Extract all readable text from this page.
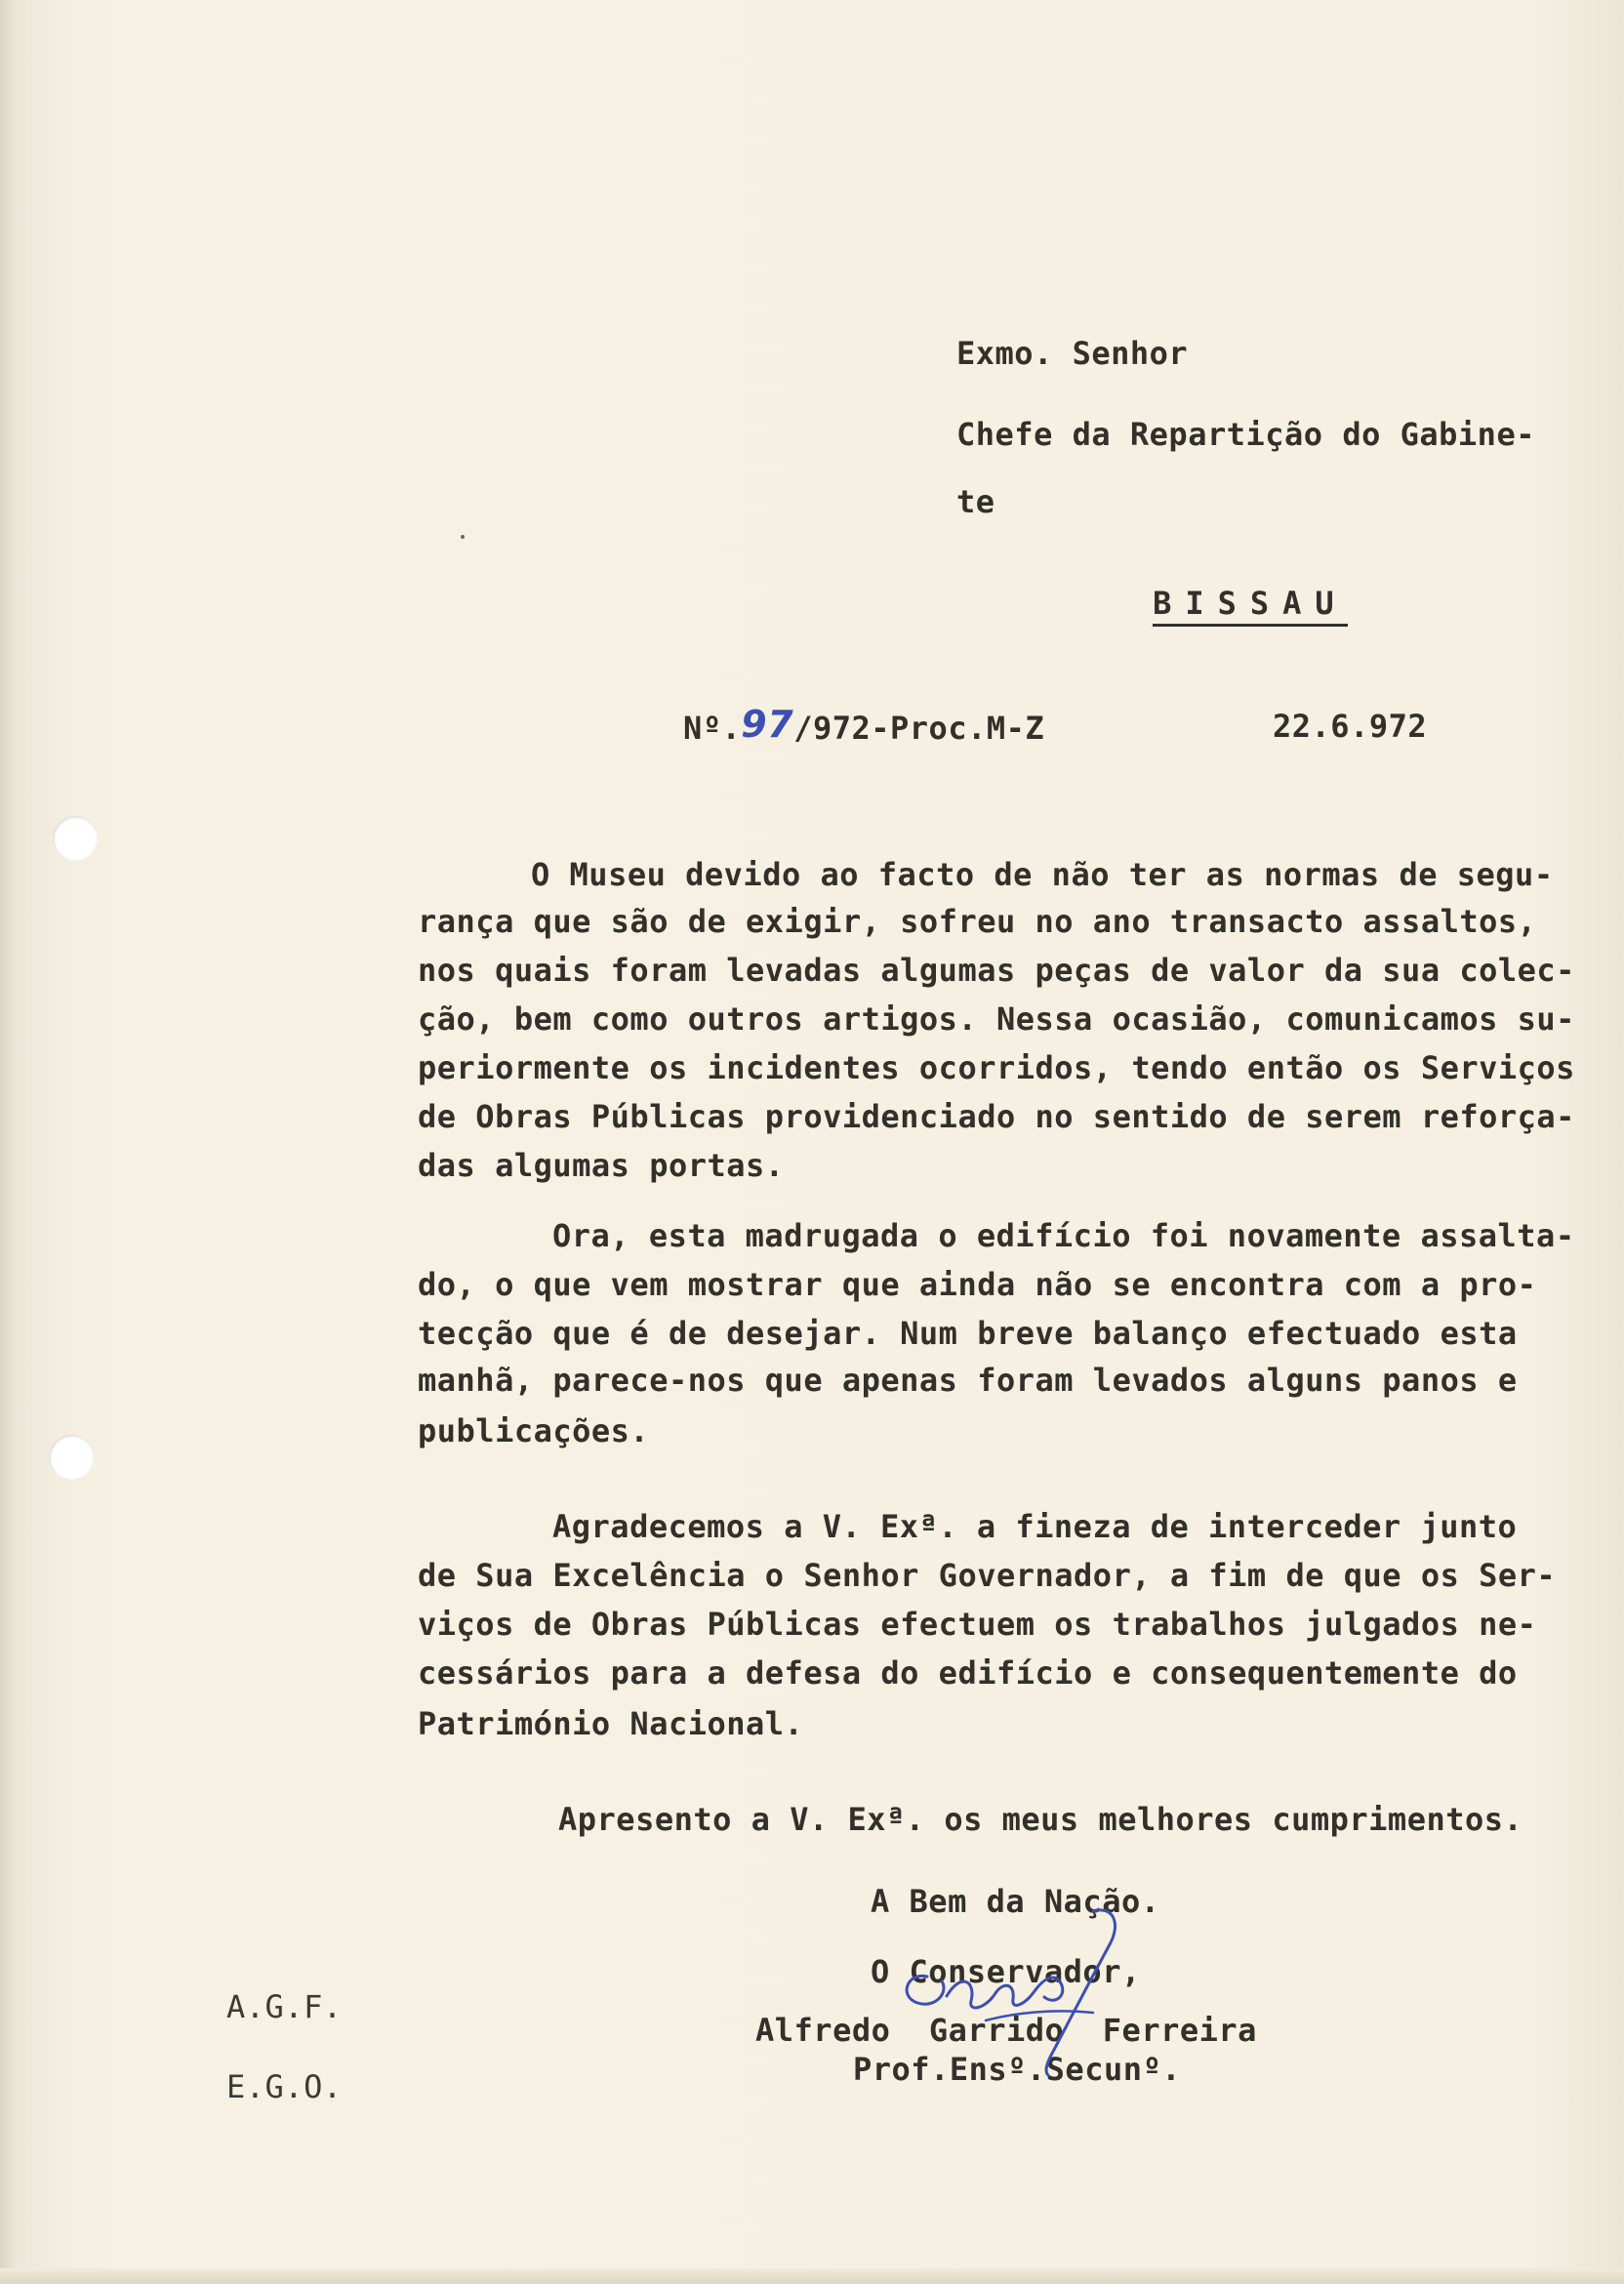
Exmo. Senhor
Chefe da Repartição do Gabine-
te

BISSAU

Nº.97/972-Proc.M-Z	22.6.972
O Museu devido ao facto de não ter as normas de segu-
rança que são de exigir, sofreu no ano transacto assaltos,
nos quais foram levadas algumas peças de valor da sua colec-
ção, bem como outros artigos. Nessa ocasião, comunicamos su-
periormente os incidentes ocorridos, tendo então os Serviços
de Obras Públicas providenciado no sentido de serem reforça-
das algumas portas.
Ora, esta madrugada o edifício foi novamente assalta-
do, o que vem mostrar que ainda não se encontra com a pro-
tecção que é de desejar. Num breve balanço efectuado esta
manhã, parece-nos que apenas foram levados alguns panos e
publicações.
Agradecemos a V. Exª. a fineza de interceder junto
de Sua Excelência o Senhor Governador, a fim de que os Ser-
viços de Obras Públicas efectuem os trabalhos julgados ne-
cessários para a defesa do edifício e consequentemente do
Património Nacional.
Apresento a V. Exª. os meus melhores cumprimentos.
A Bem da Nação.
O Conservador,
Alfredo  Garrido  Ferreira
Prof.Ensº.Secunº.
A.G.F.
E.G.O.
